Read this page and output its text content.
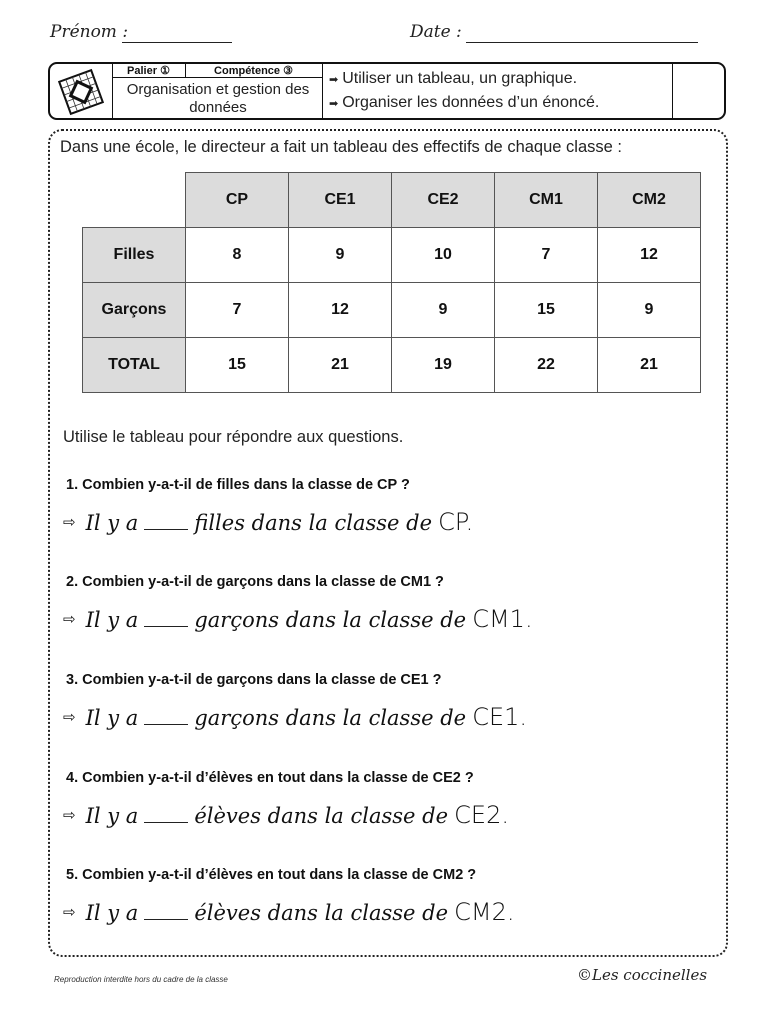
Prénom :	Date :
Palier ①	Compétence ③
Organisation et gestion des données
➡ Utiliser un tableau, un graphique.
➡ Organiser les données d’un énoncé.
Dans une école, le directeur a fait un tableau des effectifs de chaque classe :
	CP	CE1	CE2	CM1	CM2
Filles	8	9	10	7	12
Garçons	7	12	9	15	9
TOTAL	15	21	19	22	21
Utilise le tableau pour répondre aux questions.
1. Combien y-a-t-il de filles dans la classe de CP ?
⇨ Il y a	filles dans la classe de CP.
2. Combien y-a-t-il de garçons dans la classe de CM1 ?
⇨ Il y a	garçons dans la classe de CM1.
3. Combien y-a-t-il de garçons dans la classe de CE1 ?
⇨ Il y a	garçons dans la classe de CE1.
4. Combien y-a-t-il d’élèves en tout dans la classe de CE2 ?
⇨ Il y a	élèves dans la classe de CE2.
5. Combien y-a-t-il d’élèves en tout dans la classe de CM2 ?
⇨ Il y a	élèves dans la classe de CM2.
Reproduction interdite hors du cadre de la classe	©Les coccinelles
